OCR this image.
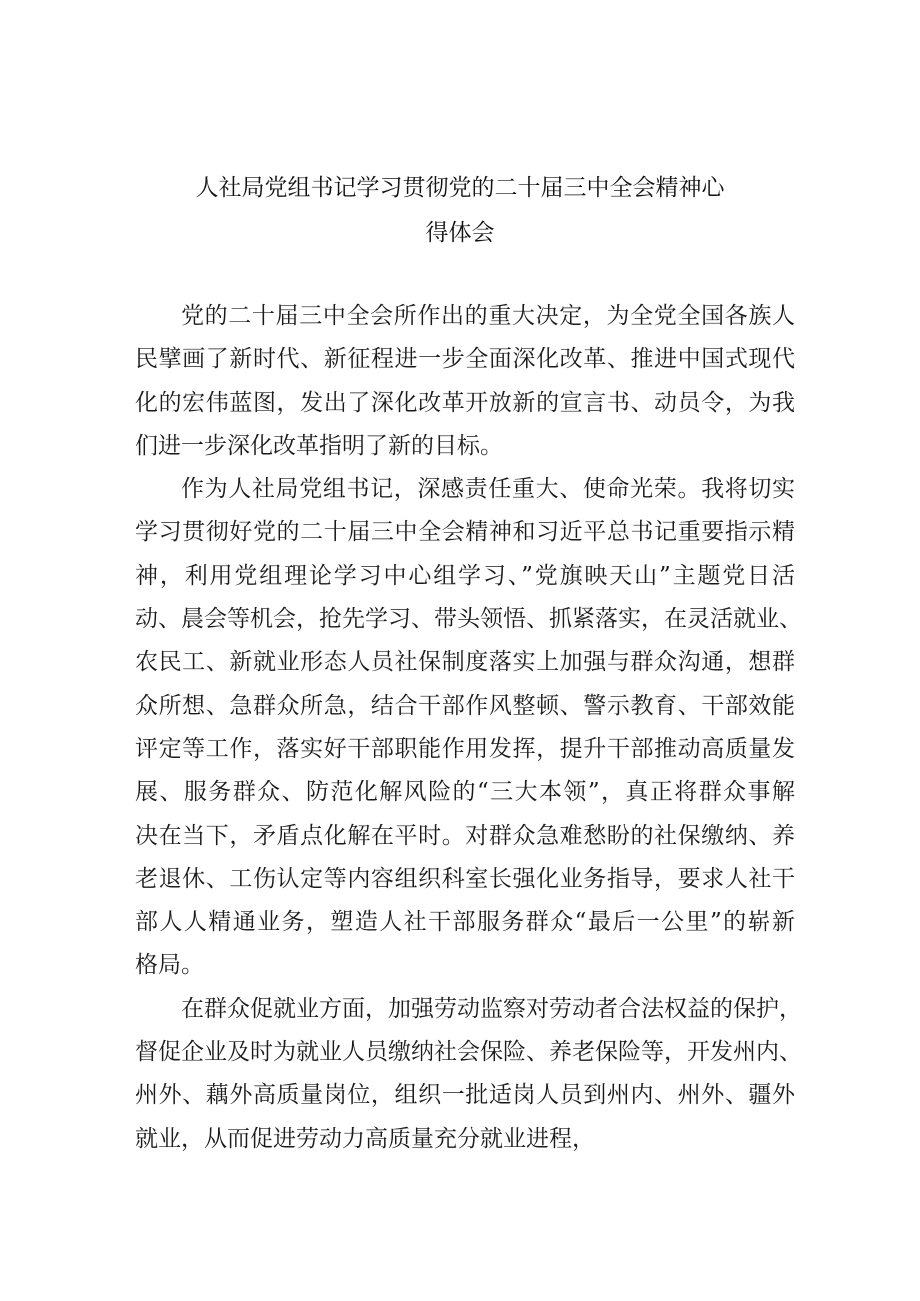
人社局党组书记学习贯彻党的二十届三中全会精神心
得体会
党的二十届三中全会所作出的重大决定，为全党全国各族人
民擘画了新时代、新征程进一步全面深化改革、推进中国式现代
化的宏伟蓝图，发出了深化改革开放新的宣言书、动员令，为我
们进一步深化改革指明了新的目标。
作为人社局党组书记，深感责任重大、使命光荣。我将切实
学习贯彻好党的二十届三中全会精神和习近平总书记重要指示精
神，利用党组理论学习中心组学习、”党旗映天山”主题党日活
动、晨会等机会，抢先学习、带头领悟、抓紧落实，在灵活就业、
农民工、新就业形态人员社保制度落实上加强与群众沟通，想群
众所想、急群众所急，结合干部作风整顿、警示教育、干部效能
评定等工作，落实好干部职能作用发挥，提升干部推动高质量发
展、服务群众、防范化解风险的“三大本领”，真正将群众事解
决在当下，矛盾点化解在平时。对群众急难愁盼的社保缴纳、养
老退休、工伤认定等内容组织科室长强化业务指导，要求人社干
部人人精通业务，塑造人社干部服务群众“最后一公里”的崭新
格局。
在群众促就业方面，加强劳动监察对劳动者合法权益的保护，
督促企业及时为就业人员缴纳社会保险、养老保险等，开发州内、
州外、藕外高质量岗位，组织一批适岗人员到州内、州外、疆外
就业，从而促进劳动力高质量充分就业进程，
